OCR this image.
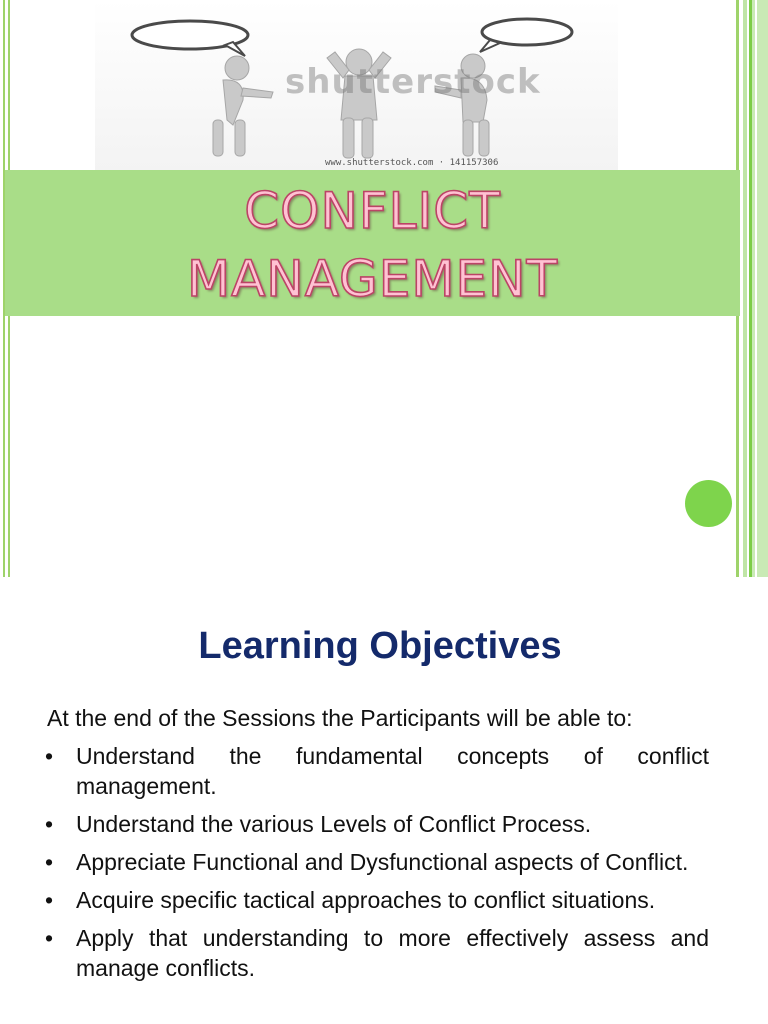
shutterstock
www.shutterstock.com · 141157306
CONFLICT
MANAGEMENT
Learning Objectives
At the end of the Sessions the Participants will be able to:
• Understand the fundamental concepts of conflict management.
• Understand the various Levels of Conflict Process.
• Appreciate Functional and Dysfunctional aspects of Conflict.
• Acquire specific tactical approaches to conflict situations.
• Apply that understanding to more effectively assess and manage conflicts.
